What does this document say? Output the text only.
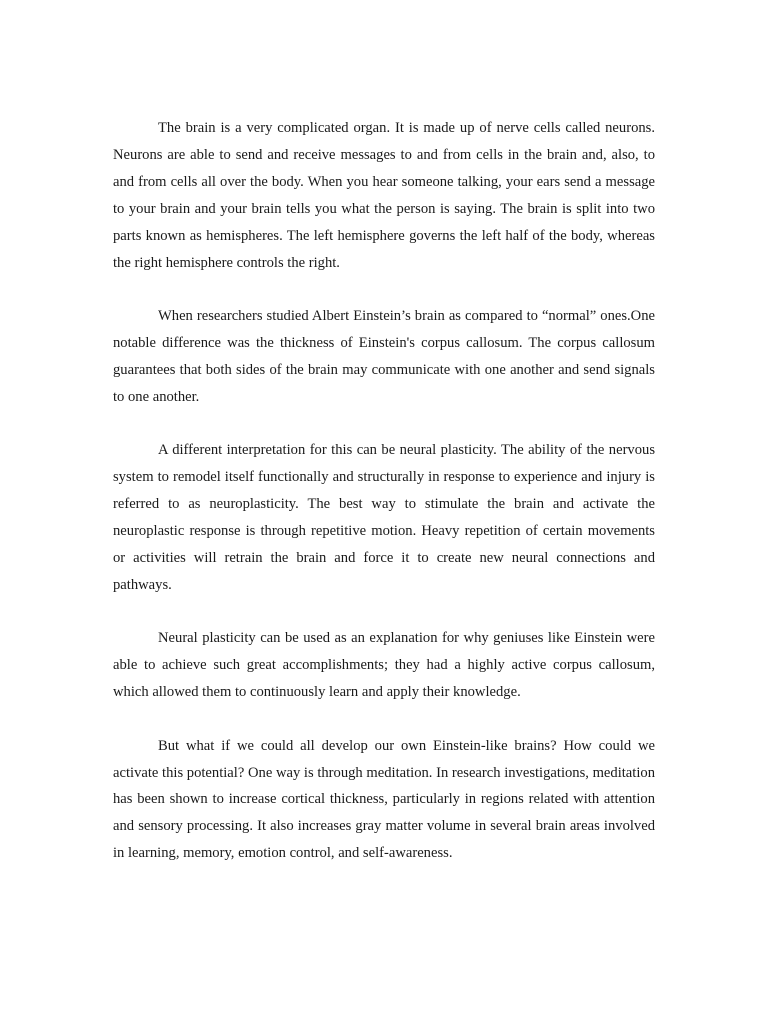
The brain is a very complicated organ. It is made up of nerve cells called neurons. Neurons are able to send and receive messages to and from cells in the brain and, also, to and from cells all over the body. When you hear someone talking, your ears send a message to your brain and your brain tells you what the person is saying. The brain is split into two parts known as hemispheres. The left hemisphere governs the left half of the body, whereas the right hemisphere controls the right.

When researchers studied Albert Einstein’s brain as compared to “normal” ones.One notable difference was the thickness of Einstein's corpus callosum. The corpus callosum guarantees that both sides of the brain may communicate with one another and send signals to one another.

A different interpretation for this can be neural plasticity. The ability of the nervous system to remodel itself functionally and structurally in response to experience and injury is referred to as neuroplasticity. The best way to stimulate the brain and activate the neuroplastic response is through repetitive motion. Heavy repetition of certain movements or activities will retrain the brain and force it to create new neural connections and pathways.

Neural plasticity can be used as an explanation for why geniuses like Einstein were able to achieve such great accomplishments; they had a highly active corpus callosum, which allowed them to continuously learn and apply their knowledge.

But what if we could all develop our own Einstein-like brains? How could we activate this potential? One way is through meditation. In research investigations, meditation has been shown to increase cortical thickness, particularly in regions related with attention and sensory processing. It also increases gray matter volume in several brain areas involved in learning, memory, emotion control, and self-awareness.
